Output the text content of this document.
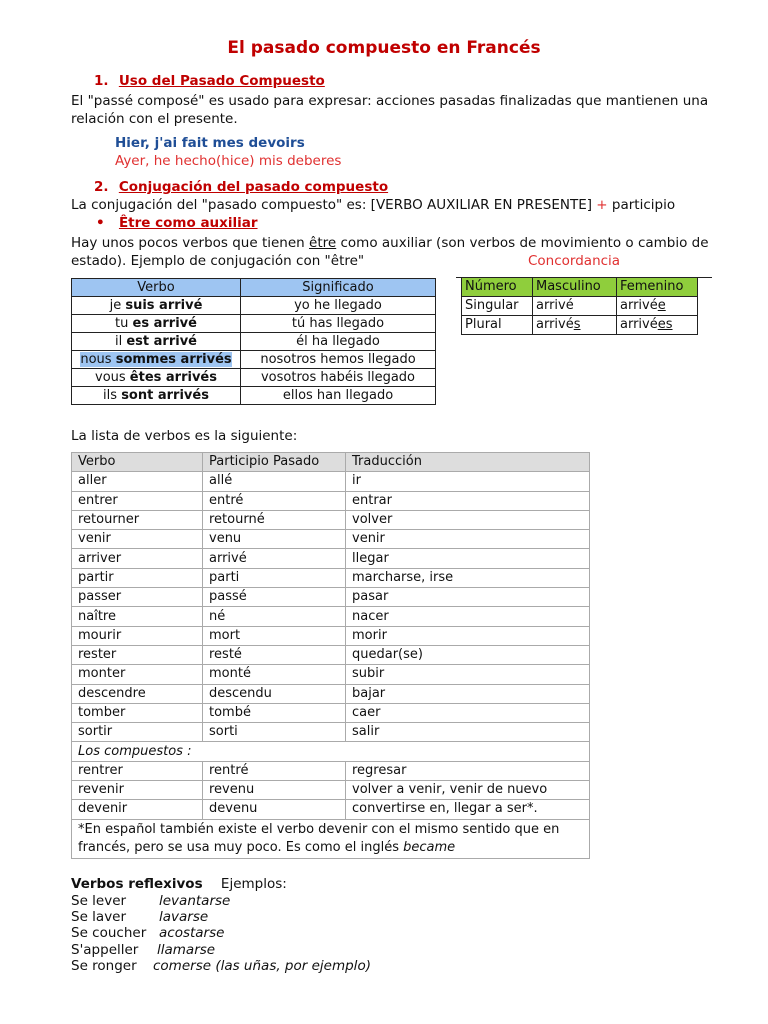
El pasado compuesto en Francés
1. Uso del Pasado Compuesto
El "passé composé" es usado para expresar: acciones pasadas finalizadas que mantienen una relación con el presente.
Hier, j'ai fait mes devoirs
Ayer, he hecho(hice) mis deberes
2. Conjugación del pasado compuesto
La conjugación del "pasado compuesto" es: [VERBO AUXILIAR EN PRESENTE] + participio
• Être como auxiliar
Hay unos pocos verbos que tienen être como auxiliar (son verbos de movimiento o cambio de estado). Ejemplo de conjugación con "être"	Concordancia
Verbo	Significado
je suis arrivé	yo he llegado
tu es arrivé	tú has llegado
il est arrivé	él ha llegado
nous sommes arrivés	nosotros hemos llegado
vous êtes arrivés	vosotros habéis llegado
ils sont arrivés	ellos han llegado
Número	Masculino	Femenino
Singular	arrivé	arrivée
Plural	arrivés	arrivées
La lista de verbos es la siguiente:
Verbo	Participio Pasado	Traducción
aller	allé	ir
entrer	entré	entrar
retourner	retourné	volver
venir	venu	venir
arriver	arrivé	llegar
partir	parti	marcharse, irse
passer	passé	pasar
naître	né	nacer
mourir	mort	morir
rester	resté	quedar(se)
monter	monté	subir
descendre	descendu	bajar
tomber	tombé	caer
sortir	sorti	salir
Los compuestos :		
rentrer	rentré	regresar
revenir	revenu	volver a venir, venir de nuevo
devenir	devenu	convertirse en, llegar a ser*.
*En español también existe el verbo devenir con el mismo sentido que en francés, pero se usa muy poco. Es como el inglés became		
Verbos reflexivos Ejemplos:
Se lever levantarse
Se laver lavarse
Se coucher acostarse
S'appeller llamarse
Se ronger comerse (las uñas, por ejemplo)
